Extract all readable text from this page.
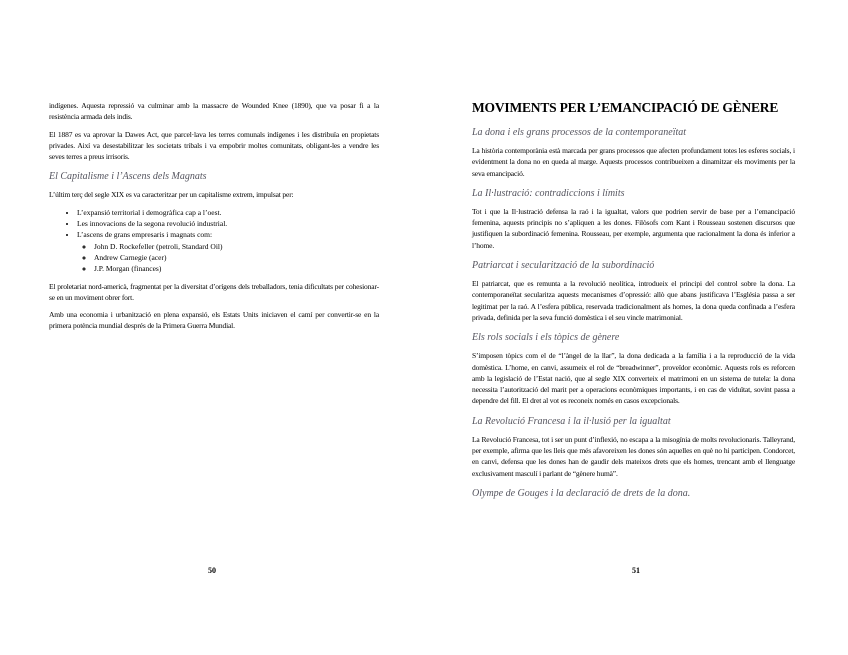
indígenes. Aquesta repressió va culminar amb la massacre de Wounded Knee (1890), que va posar fi a la resistència armada dels indis.

El 1887 es va aprovar la Dawes Act, que parcel·lava les terres comunals indígenes i les distribuïa en propietats privades. Així va desestabilitzar les societats tribals i va empobrir moltes comunitats, obligant-les a vendre les seves terres a preus irrisoris.

El Capitalisme i l’Ascens dels Magnats

L’últim terç del segle XIX es va caracteritzar per un capitalisme extrem, impulsat per:

• L’expansió territorial i demogràfica cap a l’oest.
• Les innovacions de la segona revolució industrial.
• L’ascens de grans empresaris i magnats com:
◦ John D. Rockefeller (petroli, Standard Oil)
◦ Andrew Carnegie (acer)
◦ J.P. Morgan (finances)

El proletariat nord-americà, fragmentat per la diversitat d’orígens dels treballadors, tenia dificultats per cohesionar-se en un moviment obrer fort.

Amb una economia i urbanització en plena expansió, els Estats Units iniciaven el camí per convertir-se en la primera potència mundial després de la Primera Guerra Mundial.

50
MOVIMENTS PER L’EMANCIPACIÓ DE GÈNERE
La dona i els grans processos de la contemporaneïtat

La història contemporània està marcada per grans processos que afecten profundament totes les esferes socials, i evidentment la dona no en queda al marge. Aquests processos contribueixen a dinamitzar els moviments per la seva emancipació.

La Il·lustració: contradiccions i límits

Tot i que la Il·lustració defensa la raó i la igualtat, valors que podrien servir de base per a l’emancipació femenina, aquests principis no s’apliquen a les dones. Filòsofs com Kant i Rousseau sostenen discursos que justifiquen la subordinació femenina. Rousseau, per exemple, argumenta que racionalment la dona és inferior a l’home.

Patriarcat i secularització de la subordinació

El patriarcat, que es remunta a la revolució neolítica, introdueix el principi del control sobre la dona. La contemporaneïtat secularitza aquests mecanismes d’opressió: allò que abans justificava l’Església passa a ser legitimat per la raó. A l’esfera pública, reservada tradicionalment als homes, la dona queda confinada a l’esfera privada, definida per la seva funció domèstica i el seu vincle matrimonial.

Els rols socials i els tòpics de gènere

S’imposen tòpics com el de “l’àngel de la llar”, la dona dedicada a la família i a la reproducció de la vida domèstica. L’home, en canvi, assumeix el rol de “breadwinner”, proveïdor econòmic. Aquests rols es reforcen amb la legislació de l’Estat nació, que al segle XIX converteix el matrimoni en un sistema de tutela: la dona necessita l’autorització del marit per a operacions econòmiques importants, i en cas de viduïtat, sovint passa a dependre del fill. El dret al vot es reconeix només en casos excepcionals.

La Revolució Francesa i la il·lusió per la igualtat

La Revolució Francesa, tot i ser un punt d’inflexió, no escapa a la misogínia de molts revolucionaris. Talleyrand, per exemple, afirma que les lleis que més afavoreixen les dones són aquelles en què no hi participen. Condorcet, en canvi, defensa que les dones han de gaudir dels mateixos drets que els homes, trencant amb el llenguatge exclusivament masculí i parlant de “gènere humà”.

Olympe de Gouges i la declaració de drets de la dona.
51
